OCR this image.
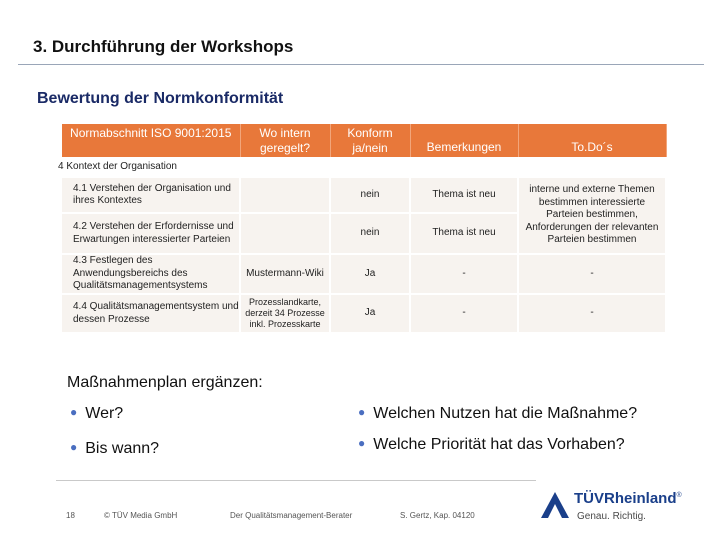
3. Durchführung der Workshops
Bewertung der Normkonformität
Normabschnitt ISO 9001:2015	Wo intern geregelt?	Konform ja/nein	Bemerkungen	To.Do´s

4 Kontext der Organisation				

4.1 Verstehen der Organisation und ihres Kontextes		nein	Thema ist neu	interne und externe Themen bestimmen interessierte Parteien bestimmen, Anforderungen der relevanten Parteien bestimmen
4.2 Verstehen der Erfordernisse und Erwartungen interessierter Parteien		nein	Thema ist neu	
4.3 Festlegen des Anwendungsbereichs des Qualitätsmanagementsystems	Mustermann-Wiki	Ja	-	-
4.4 Qualitätsmanagementsystem und dessen Prozesse	Prozesslandkarte, derzeit 34 Prozesse inkl. Prozesskarte	Ja	-	-
Maßnahmenplan ergänzen:
● Wer?	● Welchen Nutzen hat die Maßnahme?
● Bis wann?	● Welche Priorität hat das Vorhaben?
18	© TÜV Media GmbH	Der Qualitätsmanagement-Berater	S. Gertz, Kap. 04120
TÜVRheinland®
Genau. Richtig.
